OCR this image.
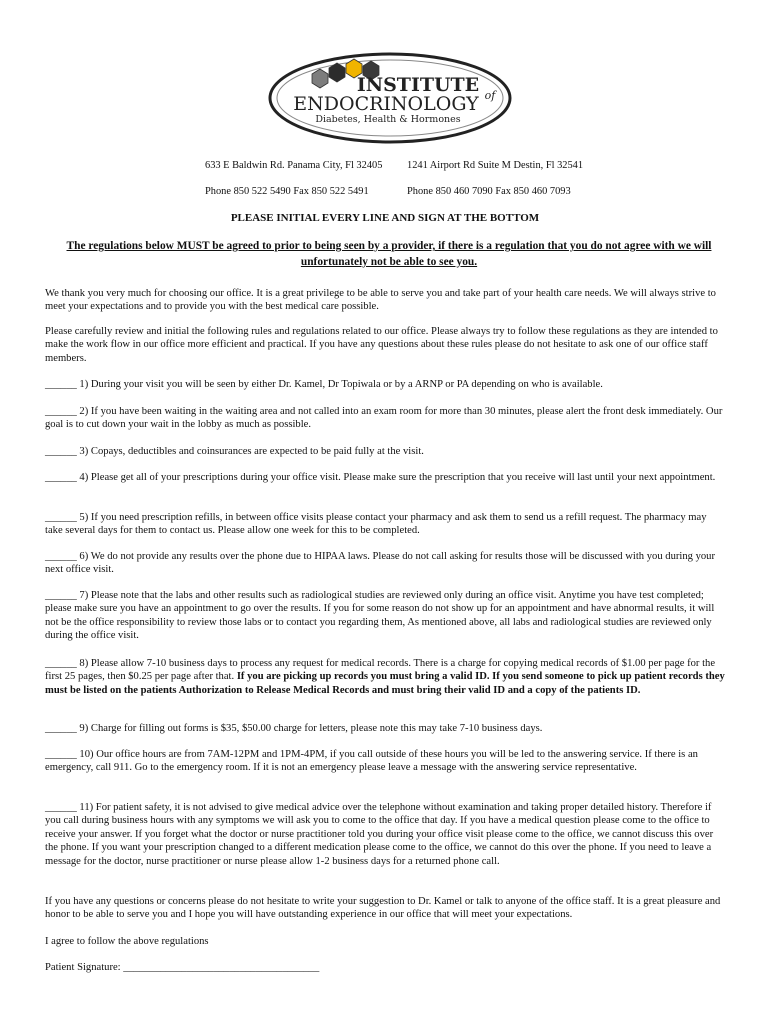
INSTITUTE of
ENDOCRINOLOGY
Diabetes, Health & Hormones
633 E Baldwin Rd. Panama City, Fl 32405 1241 Airport Rd Suite M Destin, Fl 32541
Phone 850 522 5490 Fax 850 522 5491	Phone 850 460 7090 Fax 850 460 7093
PLEASE INITIAL EVERY LINE AND SIGN AT THE BOTTOM
The regulations below MUST be agreed to prior to being seen by a provider, if there is a regulation that you do not agree with we will unfortunately not be able to see you.
We thank you very much for choosing our office. It is a great privilege to be able to serve you and take part of your health care needs. We will always strive to meet your expectations and to provide you with the best medical care possible.
Please carefully review and initial the following rules and regulations related to our office. Please always try to follow these regulations as they are intended to make the work flow in our office more efficient and practical. If you have any questions about these rules please do not hesitate to ask one of our office staff members.
______ 1) During your visit you will be seen by either Dr. Kamel, Dr Topiwala or by a ARNP or PA depending on who is available.
______ 2) If you have been waiting in the waiting area and not called into an exam room for more than 30 minutes, please alert the front desk immediately. Our goal is to cut down your wait in the lobby as much as possible.
______ 3) Copays, deductibles and coinsurances are expected to be paid fully at the visit.
______ 4) Please get all of your prescriptions during your office visit. Please make sure the prescription that you receive will last until your next appointment.
______ 5) If you need prescription refills, in between office visits please contact your pharmacy and ask them to send us a refill request. The pharmacy may take several days for them to contact us. Please allow one week for this to be completed.
______ 6) We do not provide any results over the phone due to HIPAA laws. Please do not call asking for results those will be discussed with you during your next office visit.
______ 7) Please note that the labs and other results such as radiological studies are reviewed only during an office visit. Anytime you have test completed; please make sure you have an appointment to go over the results. If you for some reason do not show up for an appointment and have abnormal results, it will not be the office responsibility to review those labs or to contact you regarding them, As mentioned above, all labs and radiological studies are reviewed only during the office visit.
______ 8) Please allow 7-10 business days to process any request for medical records. There is a charge for copying medical records of $1.00 per page for the first 25 pages, then $0.25 per page after that. If you are picking up records you must bring a valid ID. If you send someone to pick up patient records they must be listed on the patients Authorization to Release Medical Records and must bring their valid ID and a copy of the patients ID.
______ 9) Charge for filling out forms is $35, $50.00 charge for letters, please note this may take 7-10 business days.
______ 10) Our office hours are from 7AM-12PM and 1PM-4PM, if you call outside of these hours you will be led to the answering service. If there is an emergency, call 911. Go to the emergency room. If it is not an emergency please leave a message with the answering service representative.
______ 11) For patient safety, it is not advised to give medical advice over the telephone without examination and taking proper detailed history. Therefore if you call during business hours with any symptoms we will ask you to come to the office that day. If you have a medical question please come to the office to receive your answer. If you forget what the doctor or nurse practitioner told you during your office visit please come to the office, we cannot discuss this over the phone. If you want your prescription changed to a different medication please come to the office, we cannot do this over the phone. If you need to leave a message for the doctor, nurse practitioner or nurse please allow 1-2 business days for a returned phone call.
If you have any questions or concerns please do not hesitate to write your suggestion to Dr. Kamel or talk to anyone of the office staff. It is a great pleasure and honor to be able to serve you and I hope you will have outstanding experience in our office that will meet your expectations.
I agree to follow the above regulations
Patient Signature: _____________________________________
